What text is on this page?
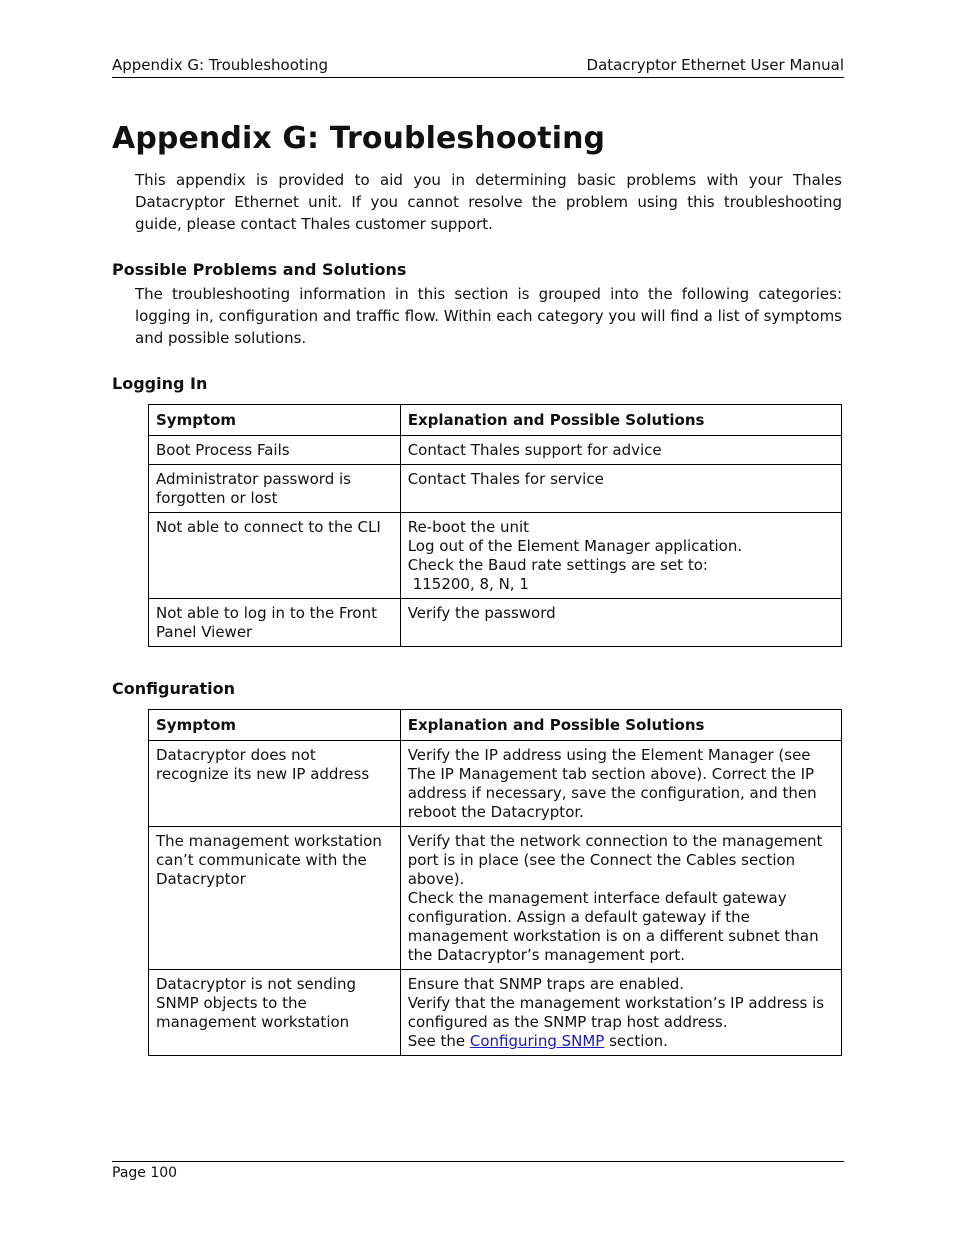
Appendix G: Troubleshooting	Datacryptor Ethernet User Manual
Appendix G: Troubleshooting

This appendix is provided to aid you in determining basic problems with your Thales Datacryptor Ethernet unit. If you cannot resolve the problem using this troubleshooting guide, please contact Thales customer support.

Possible Problems and Solutions

The troubleshooting information in this section is grouped into the following categories: logging in, configuration and traffic flow. Within each category you will find a list of symptoms and possible solutions.

Logging In
Symptom	Explanation and Possible Solutions
Boot Process Fails	Contact Thales support for advice

Administrator password is forgotten or lost	Contact Thales for service

Not able to connect to the CLI	Re-boot the unit
Log out of the Element Manager application.
Check the Baud rate settings are set to:
115200, 8, N, 1

Not able to log in to the Front Panel Viewer	Verify the password
Configuration
Symptom	Explanation and Possible Solutions
Datacryptor does not recognize its new IP address	Verify the IP address using the Element Manager (see The IP Management tab section above). Correct the IP address if necessary, save the configuration, and then reboot the Datacryptor.

The management workstation can’t communicate with the Datacryptor	Verify that the network connection to the management port is in place (see the Connect the Cables section above).
Check the management interface default gateway configuration. Assign a default gateway if the management workstation is on a different subnet than the Datacryptor’s management port.

Datacryptor is not sending SNMP objects to the management workstation	Ensure that SNMP traps are enabled.
Verify that the management workstation’s IP address is configured as the SNMP trap host address.
See the Configuring SNMP section.
Page 100
